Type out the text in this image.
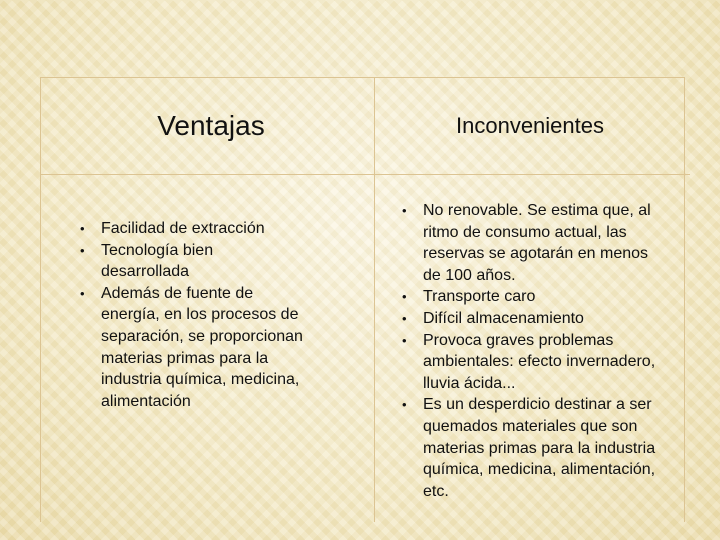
Ventajas	Inconvenientes
• Facilidad de extracción
• Tecnología bien desarrollada
• Además de fuente de energía, en los procesos de separación, se proporcionan materias primas para la industria química, medicina, alimentación
• No renovable. Se estima que, al ritmo de consumo actual, las reservas se agotarán en menos de 100 años.
• Transporte caro
• Difícil almacenamiento
• Provoca graves problemas ambientales: efecto invernadero, lluvia ácida...
• Es un desperdicio destinar a ser quemados materiales que son materias primas para la industria química, medicina, alimentación, etc.
